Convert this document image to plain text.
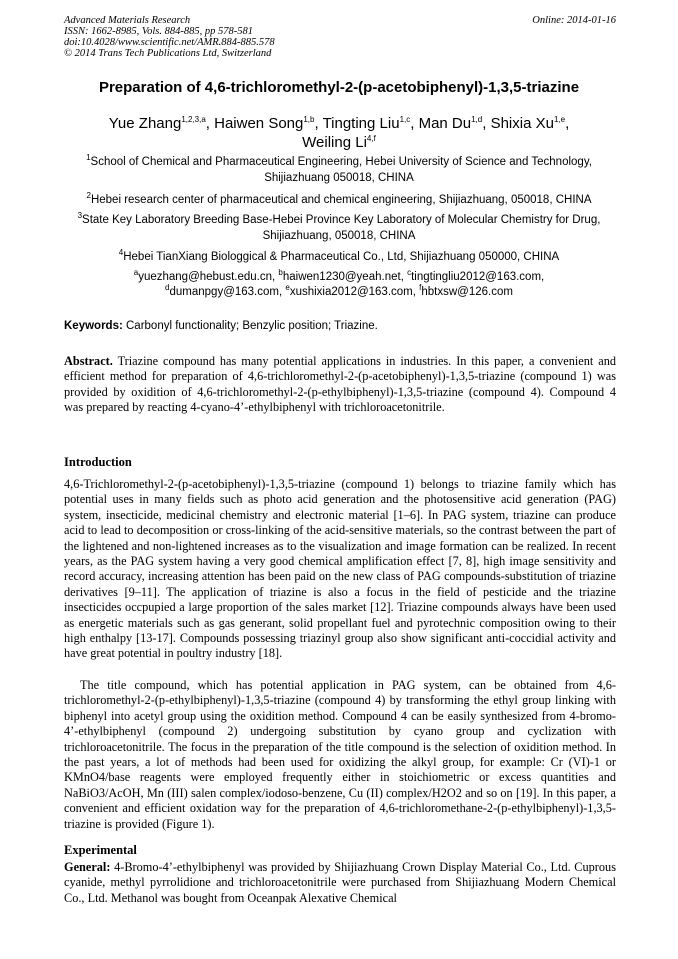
Advanced Materials Research
ISSN: 1662-8985, Vols. 884-885, pp 578-581
doi:10.4028/www.scientific.net/AMR.884-885.578
© 2014 Trans Tech Publications Ltd, Switzerland
Online: 2014-01-16
Preparation of 4,6-trichloromethyl-2-(p-acetobiphenyl)-1,3,5-triazine
Yue Zhang$^{1,2,3,a}$, Haiwen Song$^{1,b}$, Tingting Liu$^{1,c}$, Man Du$^{1,d}$, Shixia Xu$^{1,e}$,
Weiling Li$^{4,f}$
$^1$School of Chemical and Pharmaceutical Engineering, Hebei University of Science and Technology, Shijiazhuang 050018, CHINA
$^2$Hebei research center of pharmaceutical and chemical engineering, Shijiazhuang, 050018, CHINA
$^3$State Key Laboratory Breeding Base-Hebei Province Key Laboratory of Molecular Chemistry for Drug, Shijiazhuang, 050018, CHINA
$^4$Hebei TianXiang Biologgical & Pharmaceutical Co., Ltd, Shijiazhuang 050000, CHINA
$^a$yuezhang@hebust.edu.cn, $^b$haiwen1230@yeah.net, $^c$tingtingliu2012@163.com,
$^d$dumanpgy@163.com, $^e$xushixia2012@163.com, $^f$hbtxsw@126.com
Keywords: Carbonyl functionality; Benzylic position; Triazine.
Abstract. Triazine compound has many potential applications in industries. In this paper, a convenient and efficient method for preparation of 4,6-trichloromethyl-2-(p-acetobiphenyl)-1,3,5-triazine (compound 1) was provided by oxidition of 4,6-trichloromethyl-2-(p-ethylbiphenyl)-1,3,5-triazine (compound 4). Compound 4 was prepared by reacting 4-cyano-4’-ethylbiphenyl with trichloroacetonitrile.
Introduction
4,6-Trichloromethyl-2-(p-acetobiphenyl)-1,3,5-triazine (compound 1) belongs to triazine family which has potential uses in many fields such as photo acid generation and the photosensitive acid generation (PAG) system, insecticide, medicinal chemistry and electronic material [1–6]. In PAG system, triazine can produce acid to lead to decomposition or cross-linking of the acid-sensitive materials, so the contrast between the part of the lightened and non-lightened increases as to the visualization and image formation can be realized. In recent years, as the PAG system having a very good chemical amplification effect [7, 8], high image sensitivity and record accuracy, increasing attention has been paid on the new class of PAG compounds-substitution of triazine derivatives [9–11]. The application of triazine is also a focus in the field of pesticide and the triazine insecticides occpupied a large proportion of the sales market [12]. Triazine compounds always have been used as energetic materials such as gas generant, solid propellant fuel and pyrotechnic composition owing to their high enthalpy [13-17]. Compounds possessing triazinyl group also show significant anti-coccidial activity and have great potential in poultry industry [18].
The title compound, which has potential application in PAG system, can be obtained from 4,6-trichloromethyl-2-(p-ethylbiphenyl)-1,3,5-triazine (compound 4) by transforming the ethyl group linking with biphenyl into acetyl group using the oxidition method. Compound 4 can be easily synthesized from 4-bromo-4’-ethylbiphenyl (compound 2) undergoing substitution by cyano group and cyclization with trichloroacetonitrile. The focus in the preparation of the title compound is the selection of oxidition method. In the past years, a lot of methods had been used for oxidizing the alkyl group, for example: Cr (VI)-1 or KMnO4/base reagents were employed frequently either in stoichiometric or excess quantities and NaBiO3/AcOH, Mn (III) salen complex/iodoso-benzene, Cu (II) complex/H2O2 and so on [19]. In this paper, a convenient and efficient oxidation way for the preparation of 4,6-trichloromethane-2-(p-ethylbiphenyl)-1,3,5-triazine is provided (Figure 1).
Experimental
General: 4-Bromo-4’-ethylbiphenyl was provided by Shijiazhuang Crown Display Material Co., Ltd. Cuprous cyanide, methyl pyrrolidione and trichloroacetonitrile were purchased from Shijiazhuang Modern Chemical Co., Ltd. Methanol was bought from Oceanpak Alexative Chemical
